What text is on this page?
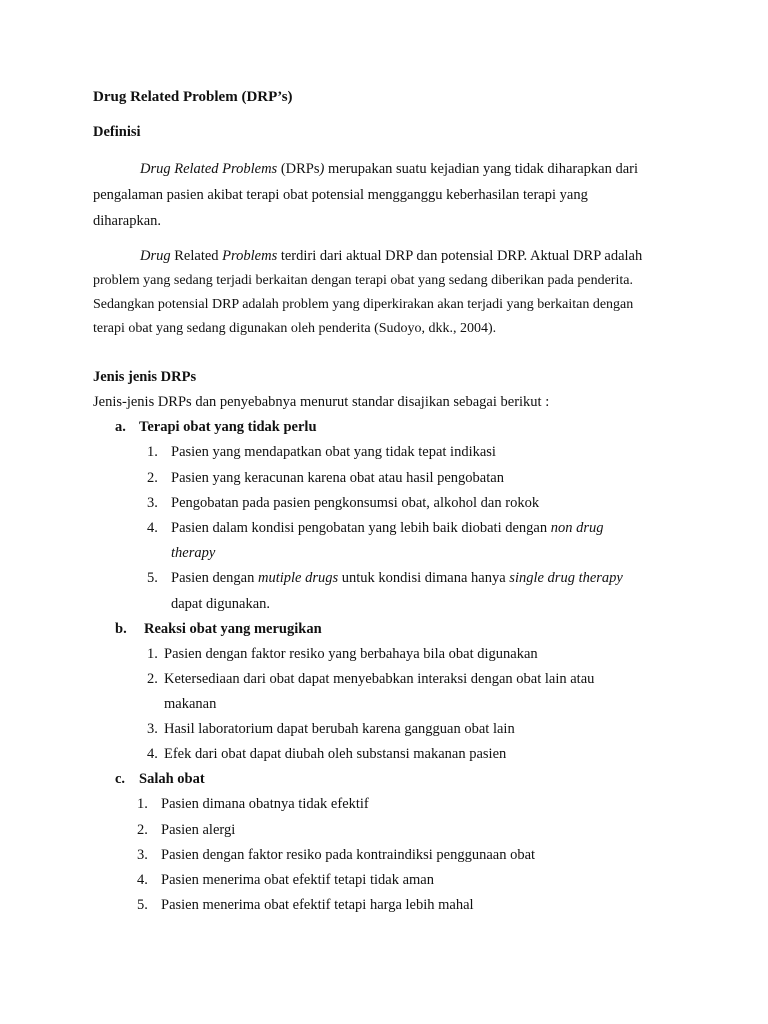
Drug Related Problem (DRP’s)
Definisi
Drug Related Problems (DRPs) merupakan suatu kejadian yang tidak diharapkan dari
pengalaman pasien akibat terapi obat potensial mengganggu keberhasilan terapi yang
diharapkan.
Drug Related Problems terdiri dari aktual DRP dan potensial DRP. Aktual DRP adalah
problem yang sedang terjadi berkaitan dengan terapi obat yang sedang diberikan pada penderita.
Sedangkan potensial DRP adalah problem yang diperkirakan akan terjadi yang berkaitan dengan
terapi obat yang sedang digunakan oleh penderita (Sudoyo, dkk., 2004).
Jenis jenis DRPs
Jenis-jenis DRPs dan penyebabnya menurut standar disajikan sebagai berikut :
a. Terapi obat yang tidak perlu
1. Pasien yang mendapatkan obat yang tidak tepat indikasi
2. Pasien yang keracunan karena obat atau hasil pengobatan
3. Pengobatan pada pasien pengkonsumsi obat, alkohol dan rokok
4. Pasien dalam kondisi pengobatan yang lebih baik diobati dengan non drug
therapy
5. Pasien dengan mutiple drugs untuk kondisi dimana hanya single drug therapy
dapat digunakan.
b. Reaksi obat yang merugikan
1. Pasien dengan faktor resiko yang berbahaya bila obat digunakan
2. Ketersediaan dari obat dapat menyebabkan interaksi dengan obat lain atau
makanan
3. Hasil laboratorium dapat berubah karena gangguan obat lain
4. Efek dari obat dapat diubah oleh substansi makanan pasien
c. Salah obat
1. Pasien dimana obatnya tidak efektif
2. Pasien alergi
3. Pasien dengan faktor resiko pada kontraindiksi penggunaan obat
4. Pasien menerima obat efektif tetapi tidak aman
5. Pasien menerima obat efektif tetapi harga lebih mahal
